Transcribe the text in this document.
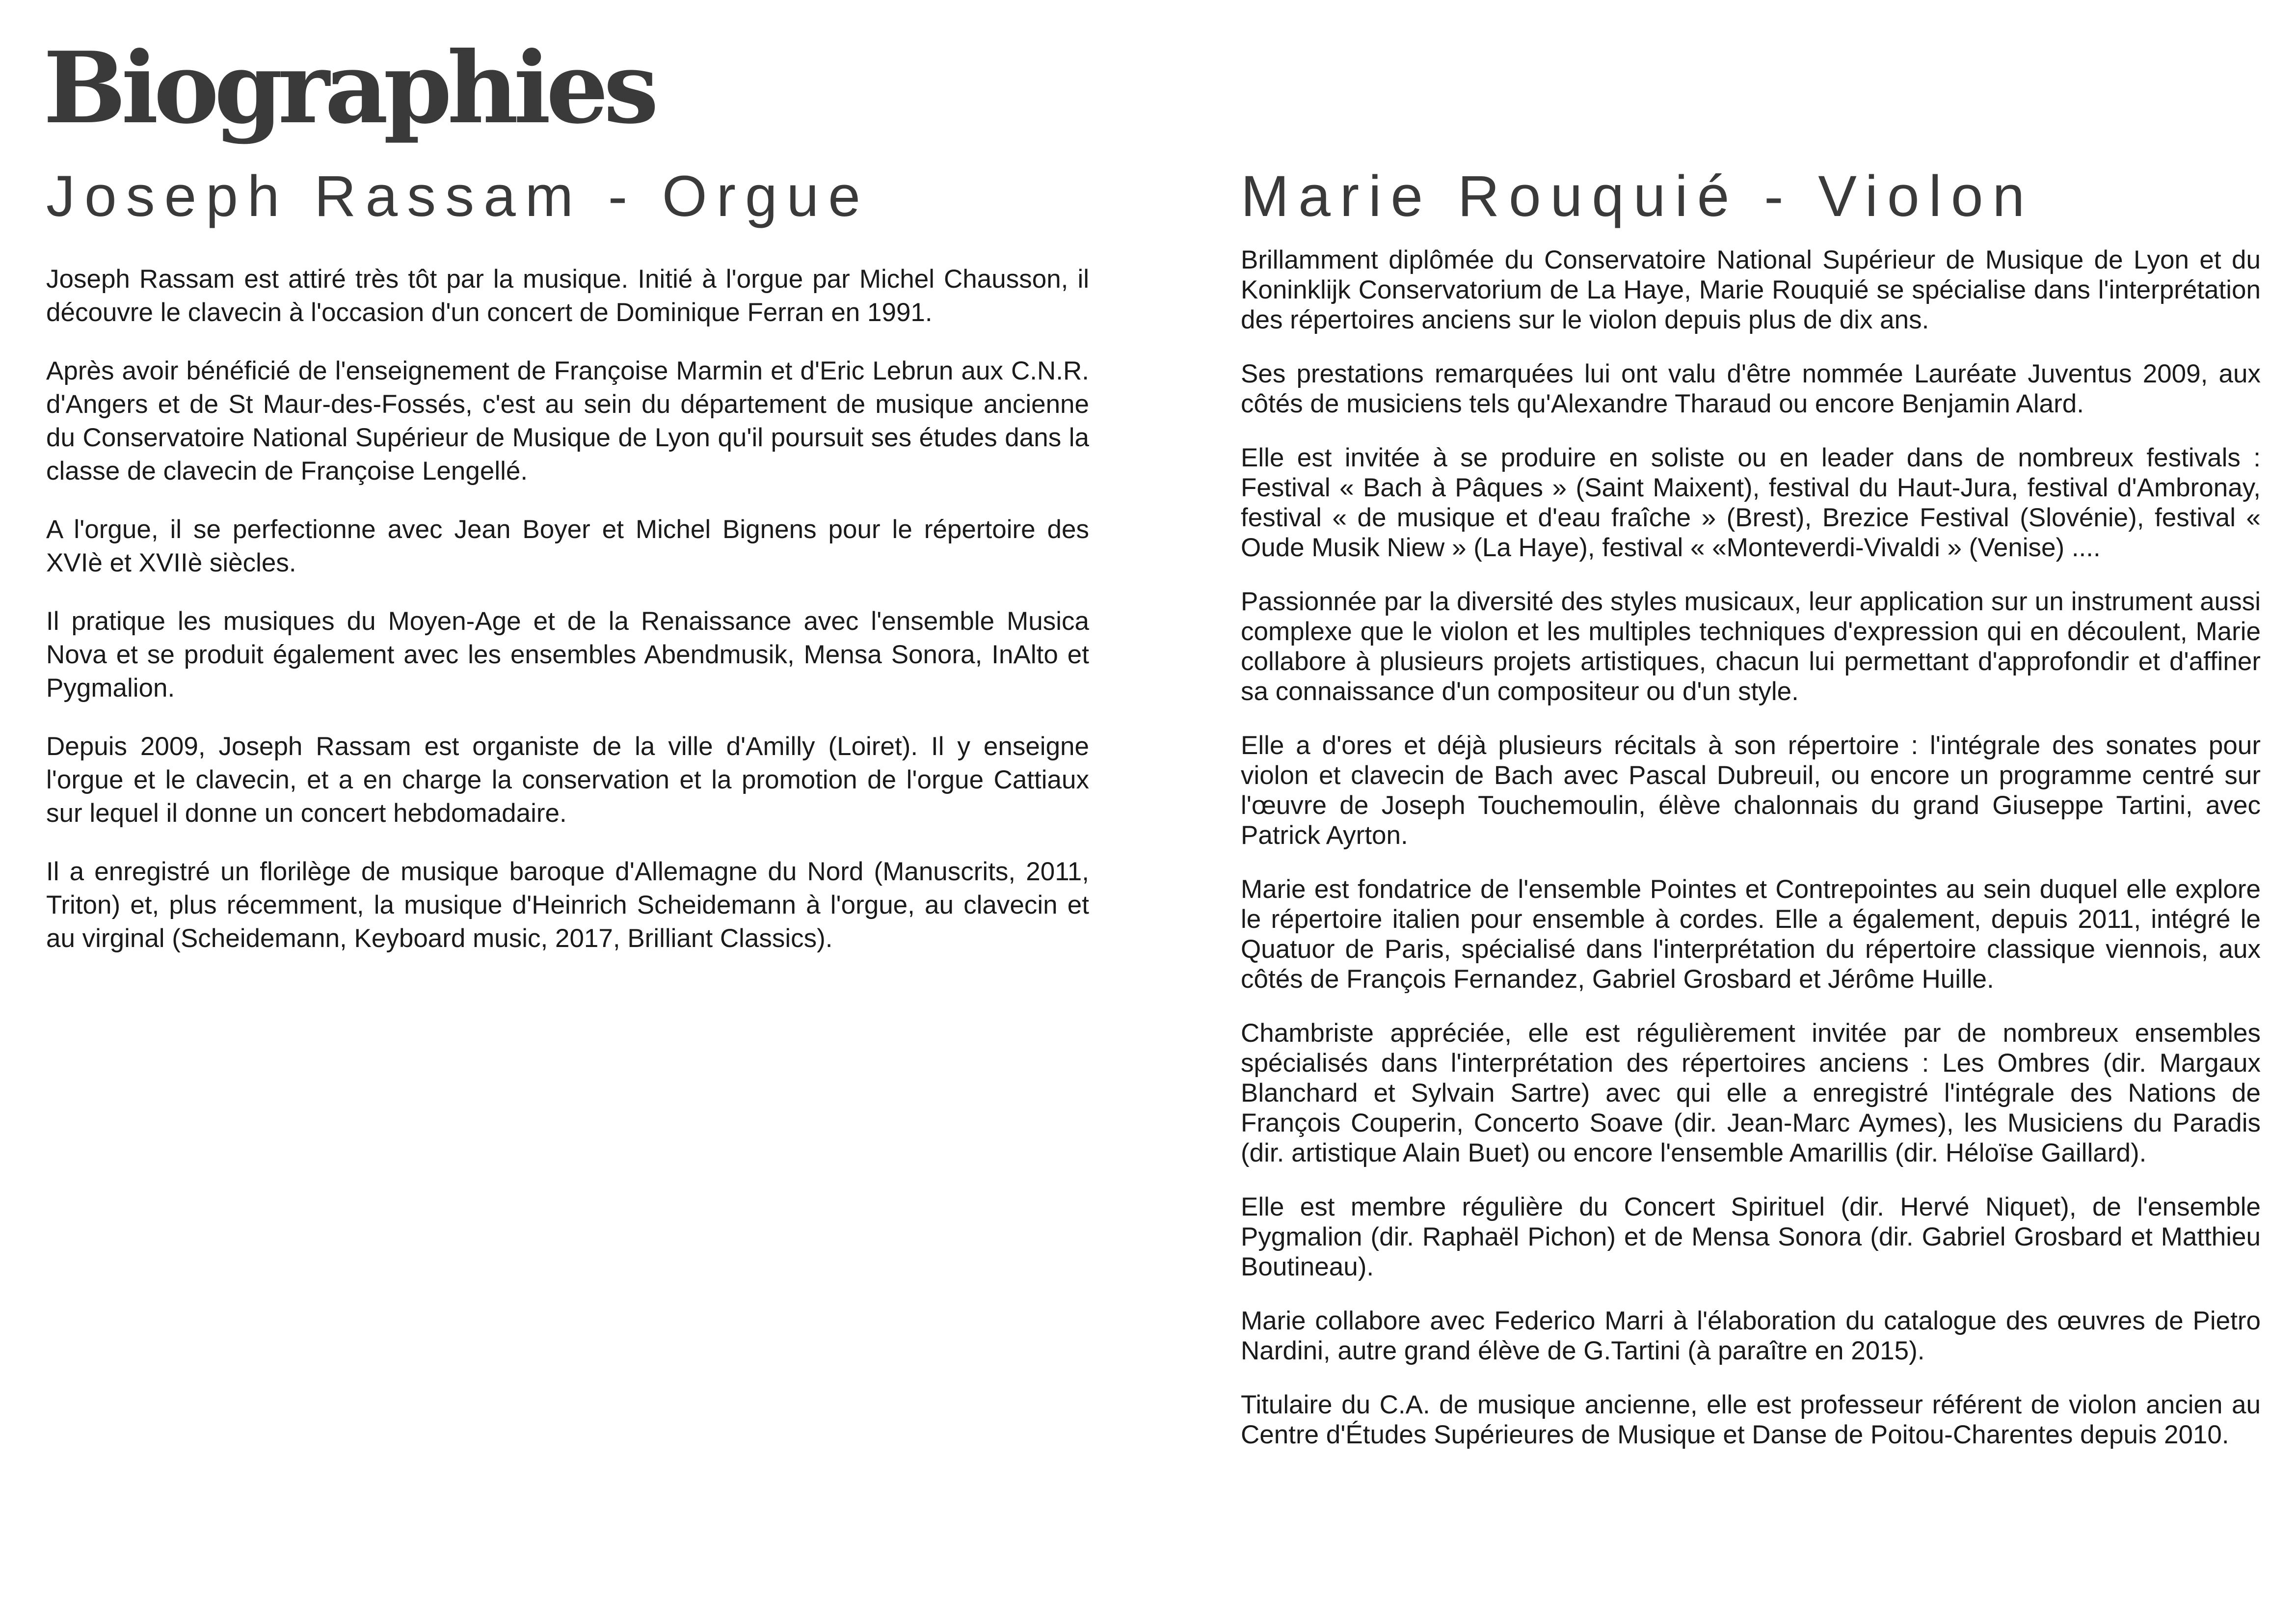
Biographies
Joseph Rassam - Orgue

Joseph Rassam est attiré très tôt par la musique. Initié à l'orgue par Michel Chausson, il découvre le clavecin à l'occasion d'un concert de Dominique Ferran en 1991.

Après avoir bénéficié de l'enseignement de Françoise Marmin et d'Eric Lebrun aux C.N.R. d'Angers et de St Maur-des-Fossés, c'est au sein du département de musique ancienne du Conservatoire National Supérieur de Musique de Lyon qu'il poursuit ses études dans la classe de clavecin de Françoise Lengellé.

A l'orgue, il se perfectionne avec Jean Boyer et Michel Bignens pour le répertoire des XVIè et XVIIè siècles.

Il pratique les musiques du Moyen-Age et de la Renaissance avec l'ensemble Musica Nova et se produit également avec les ensembles Abendmusik, Mensa Sonora, InAlto et Pygmalion.

Depuis 2009, Joseph Rassam est organiste de la ville d'Amilly (Loiret). Il y enseigne l'orgue et le clavecin, et a en charge la conservation et la promotion de l'orgue Cattiaux sur lequel il donne un concert hebdomadaire.

Il a enregistré un florilège de musique baroque d'Allemagne du Nord (Manuscrits, 2011, Triton) et, plus récemment, la musique d'Heinrich Scheidemann à l'orgue, au clavecin et au virginal (Scheidemann, Keyboard music, 2017, Brilliant Classics).

Marie Rouquié - Violon

Brillamment diplômée du Conservatoire National Supérieur de Musique de Lyon et du Koninklijk Conservatorium de La Haye, Marie Rouquié se spécialise dans l'interprétation des répertoires anciens sur le violon depuis plus de dix ans.

Ses prestations remarquées lui ont valu d'être nommée Lauréate Juventus 2009, aux côtés de musiciens tels qu'Alexandre Tharaud ou encore Benjamin Alard.

Elle est invitée à se produire en soliste ou en leader dans de nombreux festivals : Festival « Bach à Pâques » (Saint Maixent), festival du Haut-Jura, festival d'Ambronay, festival « de musique et d'eau fraîche » (Brest), Brezice Festival (Slovénie), festival « Oude Musik Niew » (La Haye), festival « «Monteverdi-Vivaldi » (Venise) ....

Passionnée par la diversité des styles musicaux, leur application sur un instrument aussi complexe que le violon et les multiples techniques d'expression qui en découlent, Marie collabore à plusieurs projets artistiques, chacun lui permettant d'approfondir et d'affiner sa connaissance d'un compositeur ou d'un style.

Elle a d'ores et déjà plusieurs récitals à son répertoire : l'intégrale des sonates pour violon et clavecin de Bach avec Pascal Dubreuil, ou encore un programme centré sur l'œuvre de Joseph Touchemoulin, élève chalonnais du grand Giuseppe Tartini, avec Patrick Ayrton.

Marie est fondatrice de l'ensemble Pointes et Contrepointes au sein duquel elle explore le répertoire italien pour ensemble à cordes. Elle a également, depuis 2011, intégré le Quatuor de Paris, spécialisé dans l'interprétation du répertoire classique viennois, aux côtés de François Fernandez, Gabriel Grosbard et Jérôme Huille.

Chambriste appréciée, elle est régulièrement invitée par de nombreux ensembles spécialisés dans l'interprétation des répertoires anciens : Les Ombres (dir. Margaux Blanchard et Sylvain Sartre) avec qui elle a enregistré l'intégrale des Nations de François Couperin, Concerto Soave (dir. Jean-Marc Aymes), les Musiciens du Paradis (dir. artistique Alain Buet) ou encore l'ensemble Amarillis (dir. Héloïse Gaillard).

Elle est membre régulière du Concert Spirituel (dir. Hervé Niquet), de l'ensemble Pygmalion (dir. Raphaël Pichon) et de Mensa Sonora (dir. Gabriel Grosbard et Matthieu Boutineau).

Marie collabore avec Federico Marri à l'élaboration du catalogue des œuvres de Pietro Nardini, autre grand élève de G.Tartini (à paraître en 2015).

Titulaire du C.A. de musique ancienne, elle est professeur référent de violon ancien au Centre d'Études Supérieures de Musique et Danse de Poitou-Charentes depuis 2010.
